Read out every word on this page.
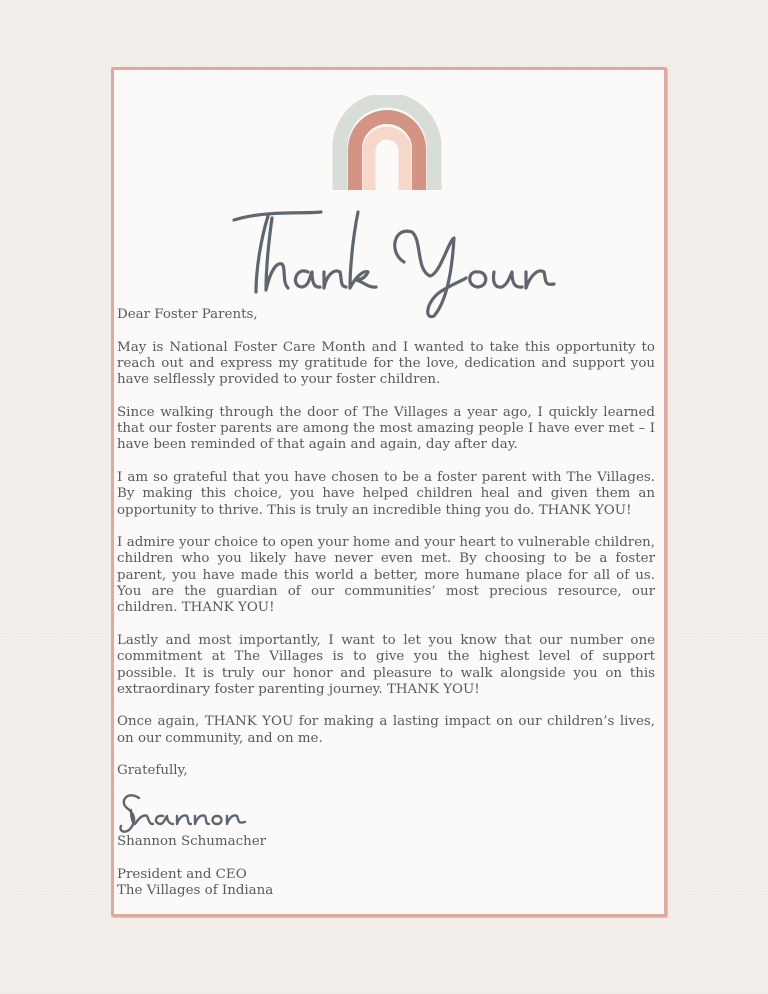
Dear Foster Parents,

May is National Foster Care Month and I wanted to take this opportunity to reach out and express my gratitude for the love, dedication and support you have selflessly provided to your foster children.

Since walking through the door of The Villages a year ago, I quickly learned that our foster parents are among the most amazing people I have ever met – I have been reminded of that again and again, day after day.

I am so grateful that you have chosen to be a foster parent with The Villages. By making this choice, you have helped children heal and given them an opportunity to thrive. This is truly an incredible thing you do. THANK YOU!

I admire your choice to open your home and your heart to vulnerable children, children who you likely have never even met. By choosing to be a foster parent, you have made this world a better, more humane place for all of us. You are the guardian of our communities’ most precious resource, our children. THANK YOU!

Lastly and most importantly, I want to let you know that our number one commitment at The Villages is to give you the highest level of support possible. It is truly our honor and pleasure to walk alongside you on this extraordinary foster parenting journey. THANK YOU!

Once again, THANK YOU for making a lasting impact on our children’s lives, on our community, and on me.

Gratefully,

Shannon Schumacher
President and CEO
The Villages of Indiana
